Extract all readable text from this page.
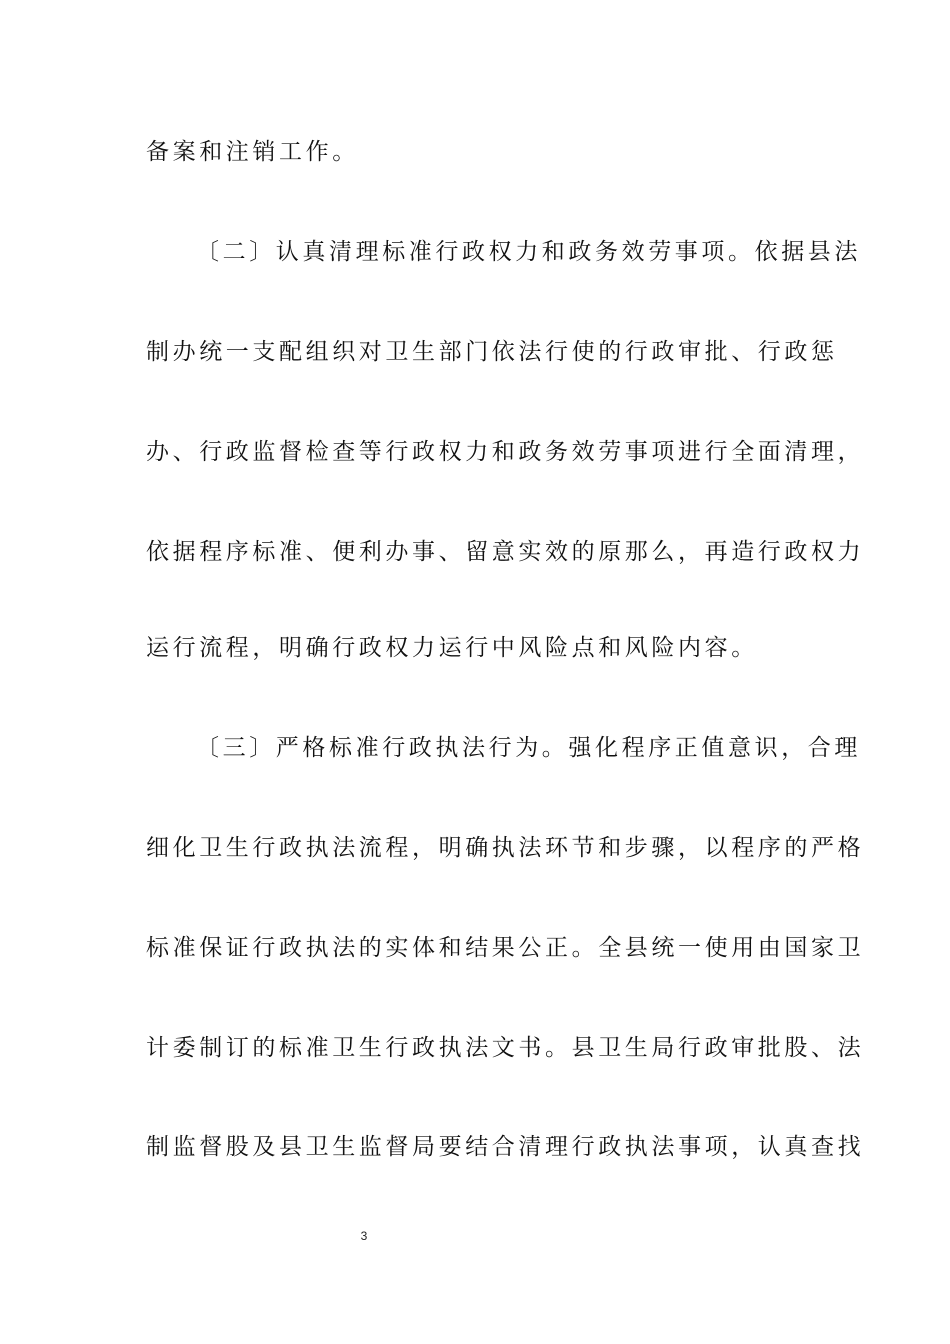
备案和注销工作。
〔二〕认真清理标准行政权力和政务效劳事项。依据县法
制办统一支配组织对卫生部门依法行使的行政审批、行政惩
办、行政监督检查等行政权力和政务效劳事项进行全面清理，
依据程序标准、便利办事、留意实效的原那么，再造行政权力
运行流程，明确行政权力运行中风险点和风险内容。
〔三〕严格标准行政执法行为。强化程序正值意识，合理
细化卫生行政执法流程，明确执法环节和步骤，以程序的严格
标准保证行政执法的实体和结果公正。全县统一使用由国家卫
计委制订的标准卫生行政执法文书。县卫生局行政审批股、法
制监督股及县卫生监督局要结合清理行政执法事项，认真查找
3
